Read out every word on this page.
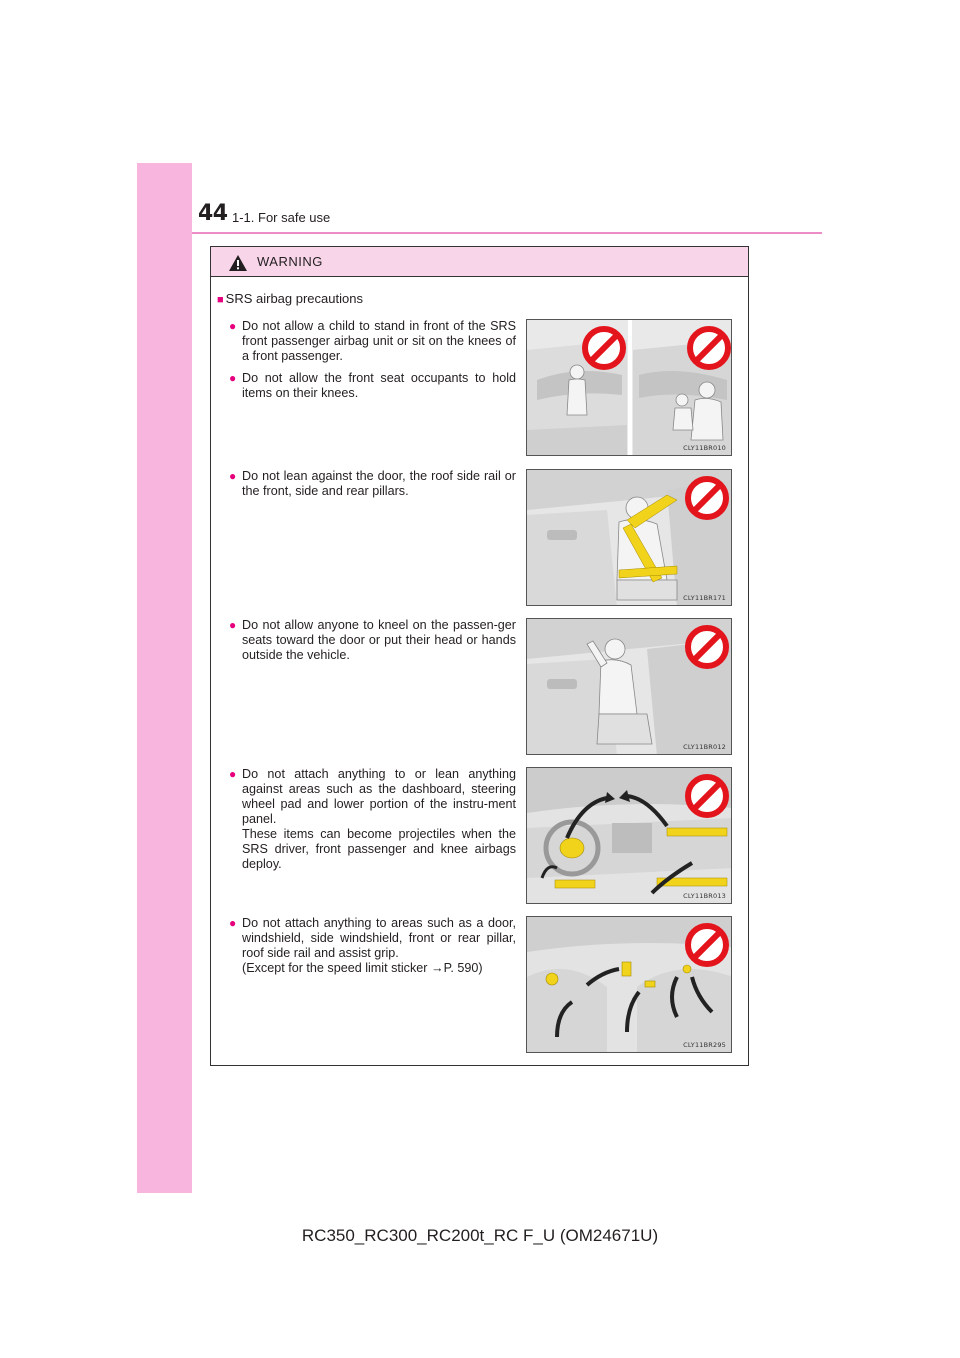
44 1-1. For safe use
WARNING
■ SRS airbag precautions
● Do not allow a child to stand in front of the SRS front passenger airbag unit or sit on the knees of a front passenger.
● Do not allow the front seat occupants to hold items on their knees.
● Do not lean against the door, the roof side rail or the front, side and rear pillars.
● Do not allow anyone to kneel on the passen-ger seats toward the door or put their head or hands outside the vehicle.
● Do not attach anything to or lean anything against areas such as the dashboard, steering wheel pad and lower portion of the instru-ment panel.
These items can become projectiles when the SRS driver, front passenger and knee airbags deploy.
● Do not attach anything to areas such as a door, windshield, side windshield, front or rear pillar, roof side rail and assist grip.
(Except for the speed limit sticker →P. 590)
CLY11BR010
CLY11BR171
CLY11BR012
CLY11BR013
CLY11BR295
RC350_RC300_RC200t_RC F_U (OM24671U)
